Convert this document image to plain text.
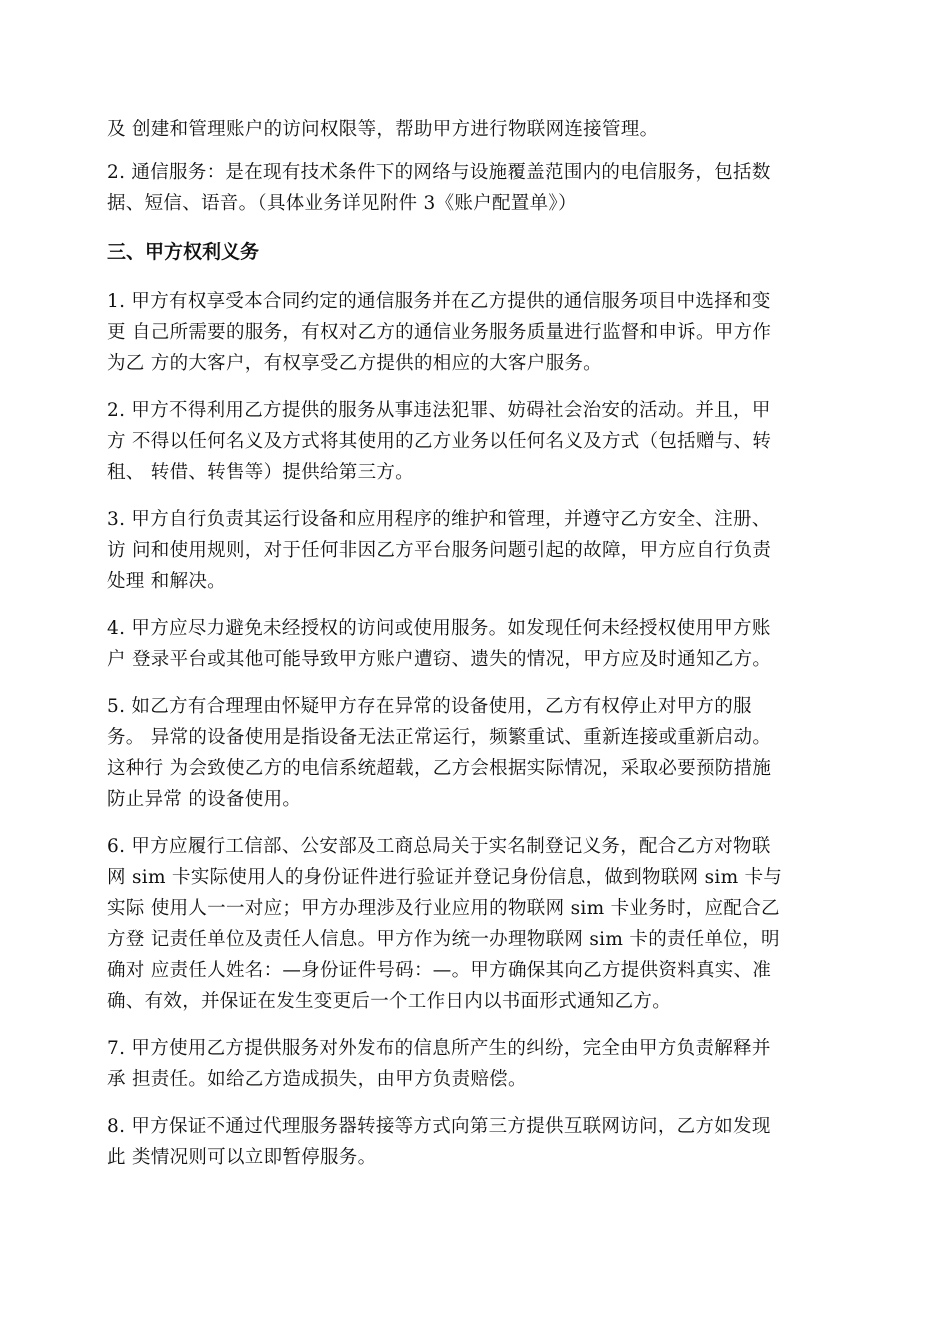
及 创建和管理账户的访问权限等，帮助甲方进行物联网连接管理。

2. 通信服务：是在现有技术条件下的网络与设施覆盖范围内的电信服务，包括数
据、短信、语音。（具体业务详见附件 3《账户配置单》）

三、甲方权利义务

1. 甲方有权享受本合同约定的通信服务并在乙方提供的通信服务项目中选择和变
更 自己所需要的服务，有权对乙方的通信业务服务质量进行监督和申诉。甲方作
为乙 方的大客户，有权享受乙方提供的相应的大客户服务。

2. 甲方不得利用乙方提供的服务从事违法犯罪、妨碍社会治安的活动。并且，甲
方 不得以任何名义及方式将其使用的乙方业务以任何名义及方式（包括赠与、转
租、 转借、转售等）提供给第三方。

3. 甲方自行负责其运行设备和应用程序的维护和管理，并遵守乙方安全、注册、
访 问和使用规则，对于任何非因乙方平台服务问题引起的故障，甲方应自行负责
处理 和解决。

4. 甲方应尽力避免未经授权的访问或使用服务。如发现任何未经授权使用甲方账
户 登录平台或其他可能导致甲方账户遭窃、遗失的情况，甲方应及时通知乙方。

5. 如乙方有合理理由怀疑甲方存在异常的设备使用，乙方有权停止对甲方的服
务。 异常的设备使用是指设备无法正常运行，频繁重试、重新连接或重新启动。
这种行 为会致使乙方的电信系统超载，乙方会根据实际情况，采取必要预防措施
防止异常 的设备使用。

6. 甲方应履行工信部、公安部及工商总局关于实名制登记义务，配合乙方对物联
网 sim 卡实际使用人的身份证件进行验证并登记身份信息，做到物联网 sim 卡与
实际 使用人一一对应；甲方办理涉及行业应用的物联网 sim 卡业务时，应配合乙
方登 记责任单位及责任人信息。甲方作为统一办理物联网 sim 卡的责任单位，明
确对 应责任人姓名：—身份证件号码：—。甲方确保其向乙方提供资料真实、准
确、有效，并保证在发生变更后一个工作日内以书面形式通知乙方。

7. 甲方使用乙方提供服务对外发布的信息所产生的纠纷，完全由甲方负责解释并
承 担责任。如给乙方造成损失，由甲方负责赔偿。

8. 甲方保证不通过代理服务器转接等方式向第三方提供互联网访问，乙方如发现
此 类情况则可以立即暂停服务。
